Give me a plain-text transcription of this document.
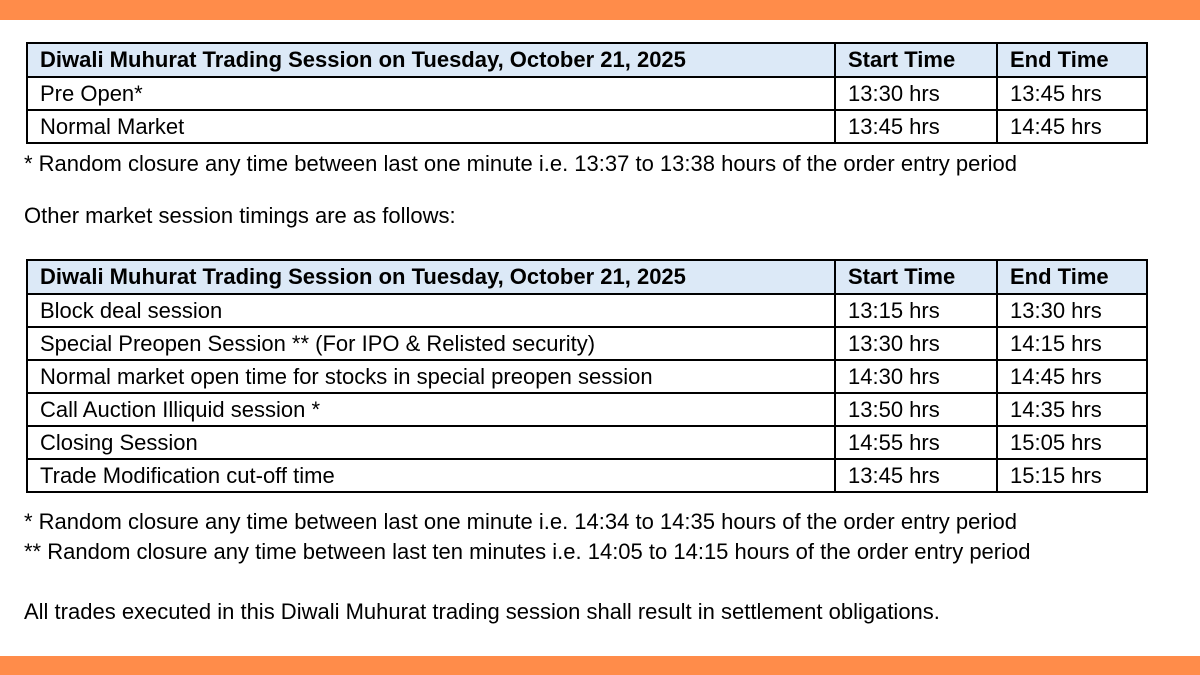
Diwali Muhurat Trading Session on Tuesday, October 21, 2025	Start Time	End Time
Pre Open*	13:30 hrs	13:45 hrs
Normal Market	13:45 hrs	14:45 hrs
* Random closure any time between last one minute i.e. 13:37 to 13:38 hours of the order entry period
Other market session timings are as follows:
Diwali Muhurat Trading Session on Tuesday, October 21, 2025	Start Time	End Time
Block deal session	13:15 hrs	13:30 hrs
Special Preopen Session ** (For IPO & Relisted security)	13:30 hrs	14:15 hrs
Normal market open time for stocks in special preopen session	14:30 hrs	14:45 hrs
Call Auction Illiquid session *	13:50 hrs	14:35 hrs
Closing Session	14:55 hrs	15:05 hrs
Trade Modification cut-off time	13:45 hrs	15:15 hrs
* Random closure any time between last one minute i.e. 14:34 to 14:35 hours of the order entry period
** Random closure any time between last ten minutes i.e. 14:05 to 14:15 hours of the order entry period
All trades executed in this Diwali Muhurat trading session shall result in settlement obligations.
